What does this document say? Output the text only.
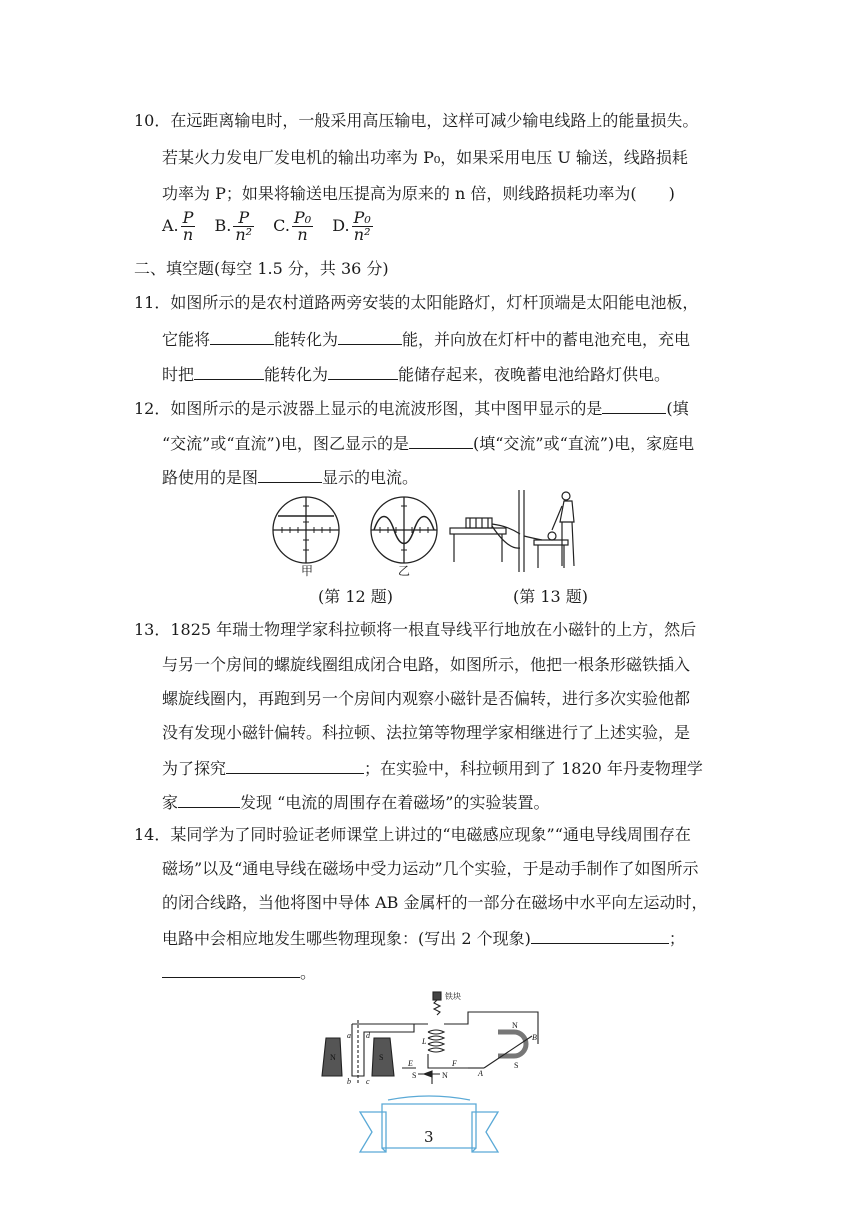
10．在远距离输电时，一般采用高压输电，这样可减少输电线路上的能量损失。
若某火力发电厂发电机的输出功率为 P₀，如果采用电压 U 输送，线路损耗
功率为 P；如果将输送电压提高为原来的 n 倍，则线路损耗功率为(　　)
A. $\frac{P}{n} B$. $\frac{P}{\text{n²}} C$. $\frac{\text{P₀}}{n} D$. $\frac{\text{P₀}}{\text{n²}}$
二、填空题(每空 1.5 分，共 36 分)
11．如图所示的是农村道路两旁安装的太阳能路灯，灯杆顶端是太阳能电池板，
它能将	能转化为	能，并向放在灯杆中的蓄电池充电，充电
时把	能转化为	能储存起来，夜晚蓄电池给路灯供电。
12．如图所示的是示波器上显示的电流波形图，其中图甲显示的是	(填
“交流”或“直流”)电，图乙显示的是	(填“交流”或“直流”)电，家庭电
路使用的是图	显示的电流。
甲	乙
(第 12 题)	(第 13 题)
13．1825 年瑞士物理学家科拉顿将一根直导线平行地放在小磁针的上方，然后
与另一个房间的螺旋线圈组成闭合电路，如图所示，他把一根条形磁铁插入
螺旋线圈内，再跑到另一个房间内观察小磁针是否偏转，进行多次实验他都
没有发现小磁针偏转。科拉顿、法拉第等物理学家相继进行了上述实验，是
为了探究	；在实验中，科拉顿用到了 1820 年丹麦物理学
家	发现 “电流的周围存在着磁场”的实验装置。
14．某同学为了同时验证老师课堂上讲过的“电磁感应现象”“通电导线周围存在
磁场”以及“通电导线在磁场中受力运动”几个实验，于是动手制作了如图所示
的闭合线路，当他将图中导体 AB 金属杆的一部分在磁场中水平向左运动时，
电路中会相应地发生哪些物理现象：(写出 2 个现象)	；
。
铁块
a d
b c
N	S
L
E	F
S	N	A
B
N
S
3
